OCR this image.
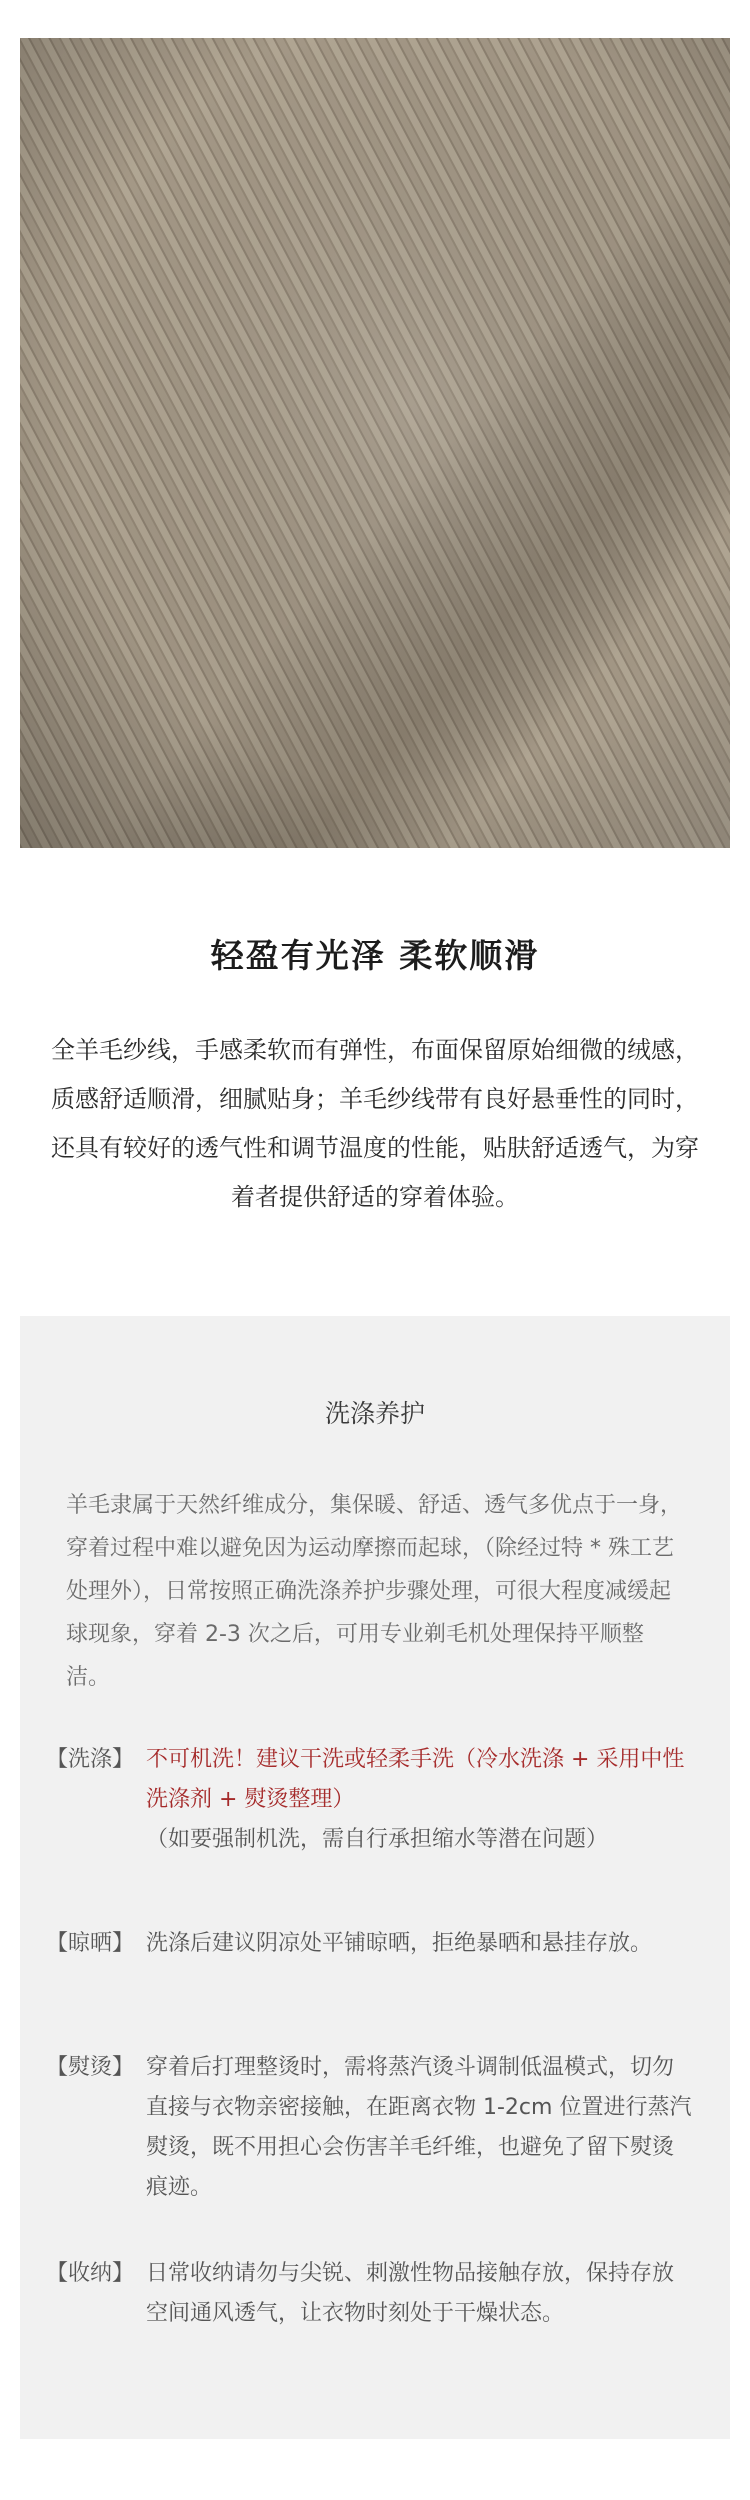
轻盈有光泽 柔软顺滑
全羊毛纱线，手感柔软而有弹性，布面保留原始细微的绒感，质感舒适顺滑，细腻贴身；羊毛纱线带有良好悬垂性的同时，还具有较好的透气性和调节温度的性能，贴肤舒适透气，为穿着者提供舒适的穿着体验。
洗涤养护
羊毛隶属于天然纤维成分，集保暖、舒适、透气多优点于一身，穿着过程中难以避免因为运动摩擦而起球，（除经过特 * 殊工艺处理外），日常按照正确洗涤养护步骤处理，可很大程度减缓起球现象，穿着 2-3 次之后，可用专业剃毛机处理保持平顺整洁。
【洗涤】 不可机洗！建议干洗或轻柔手洗（冷水洗涤 + 采用中性洗涤剂 + 熨烫整理）
（如要强制机洗，需自行承担缩水等潜在问题）
【晾晒】 洗涤后建议阴凉处平铺晾晒，拒绝暴晒和悬挂存放。
【熨烫】 穿着后打理整烫时，需将蒸汽烫斗调制低温模式，切勿直接与衣物亲密接触，在距离衣物 1-2cm 位置进行蒸汽熨烫，既不用担心会伤害羊毛纤维，也避免了留下熨烫痕迹。
【收纳】 日常收纳请勿与尖锐、刺激性物品接触存放，保持存放空间通风透气，让衣物时刻处于干燥状态。
